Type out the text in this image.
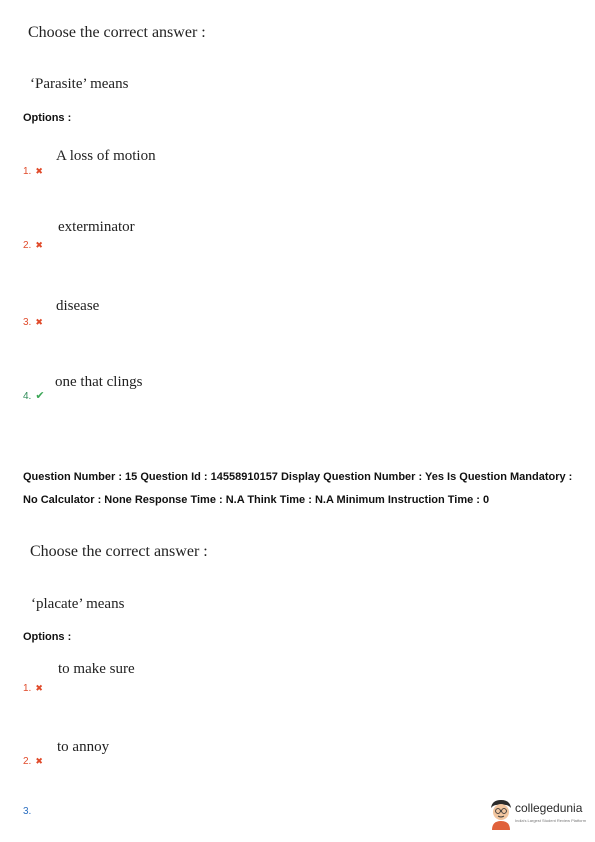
Choose the correct answer :
‘Parasite’ means
Options :
A loss of motion
1. ✖
exterminator
2. ✖
disease
3. ✖
one that clings
4. ✔
Question Number : 15 Question Id : 14558910157 Display Question Number : Yes Is Question Mandatory : No Calculator : None Response Time : N.A Think Time : N.A Minimum Instruction Time : 0
Choose the correct answer :
‘placate’ means
Options :
to make sure
1. ✖
to annoy
2. ✖
3.	collegedunia
India's Largest Student Review Platform
